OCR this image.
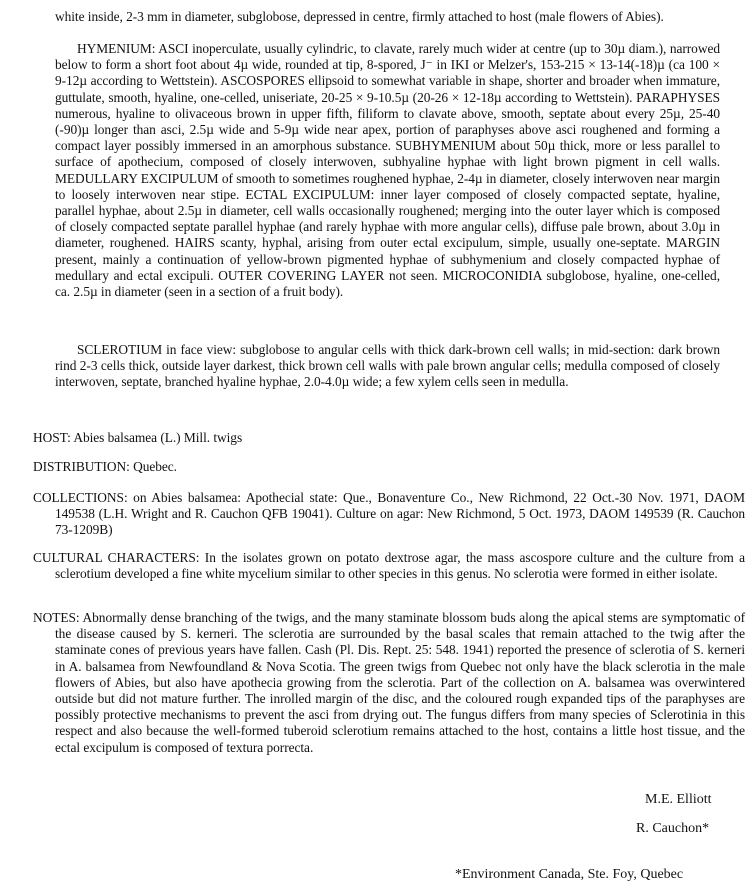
white inside, 2-3 mm in diameter, subglobose, depressed in centre, firmly attached to host (male flowers of Abies).

HYMENIUM: ASCI inoperculate, usually cylindric, to clavate, rarely much wider at centre (up to 30µ diam.), narrowed below to form a short foot about 4µ wide, rounded at tip, 8-spored, J⁻ in IKI or Melzer's, 153-215 × 13-14(-18)µ (ca 100 × 9-12µ according to Wettstein). ASCOSPORES ellipsoid to somewhat variable in shape, shorter and broader when immature, guttulate, smooth, hyaline, one-celled, uniseriate, 20-25 × 9-10.5µ (20-26 × 12-18µ according to Wettstein). PARAPHYSES numerous, hyaline to olivaceous brown in upper fifth, filiform to clavate above, smooth, septate about every 25µ, 25-40 (-90)µ longer than asci, 2.5µ wide and 5-9µ wide near apex, portion of paraphyses above asci roughened and forming a compact layer possibly immersed in an amorphous substance. SUBHYMENIUM about 50µ thick, more or less parallel to surface of apothecium, composed of closely interwoven, subhyaline hyphae with light brown pigment in cell walls. MEDULLARY EXCIPULUM of smooth to sometimes roughened hyphae, 2-4µ in diameter, closely interwoven near margin to loosely interwoven near stipe. ECTAL EXCIPULUM: inner layer composed of closely compacted septate, hyaline, parallel hyphae, about 2.5µ in diameter, cell walls occasionally roughened; merging into the outer layer which is composed of closely compacted septate parallel hyphae (and rarely hyphae with more angular cells), diffuse pale brown, about 3.0µ in diameter, roughened. HAIRS scanty, hyphal, arising from outer ectal excipulum, simple, usually one-septate. MARGIN present, mainly a continuation of yellow-brown pigmented hyphae of subhymenium and closely compacted hyphae of medullary and ectal excipuli. OUTER COVERING LAYER not seen. MICROCONIDIA subglobose, hyaline, one-celled, ca. 2.5µ in diameter (seen in a section of a fruit body).

SCLEROTIUM in face view: subglobose to angular cells with thick dark-brown cell walls; in mid-section: dark brown rind 2-3 cells thick, outside layer darkest, thick brown cell walls with pale brown angular cells; medulla composed of closely interwoven, septate, branched hyaline hyphae, 2.0-4.0µ wide; a few xylem cells seen in medulla.

HOST: Abies balsamea (L.) Mill. twigs

DISTRIBUTION: Quebec.

COLLECTIONS: on Abies balsamea: Apothecial state: Que., Bonaventure Co., New Richmond, 22 Oct.-30 Nov. 1971, DAOM 149538 (L.H. Wright and R. Cauchon QFB 19041). Culture on agar: New Richmond, 5 Oct. 1973, DAOM 149539 (R. Cauchon 73-1209B)

CULTURAL CHARACTERS: In the isolates grown on potato dextrose agar, the mass ascospore culture and the culture from a sclerotium developed a fine white mycelium similar to other species in this genus. No sclerotia were formed in either isolate.

NOTES: Abnormally dense branching of the twigs, and the many staminate blossom buds along the apical stems are symptomatic of the disease caused by S. kerneri. The sclerotia are surrounded by the basal scales that remain attached to the twig after the staminate cones of previous years have fallen. Cash (Pl. Dis. Rept. 25: 548. 1941) reported the presence of sclerotia of S. kerneri in A. balsamea from Newfoundland & Nova Scotia. The green twigs from Quebec not only have the black sclerotia in the male flowers of Abies, but also have apothecia growing from the sclerotia. Part of the collection on A. balsamea was overwintered outside but did not mature further. The inrolled margin of the disc, and the coloured rough expanded tips of the paraphyses are possibly protective mechanisms to prevent the asci from drying out. The fungus differs from many species of Sclerotinia in this respect and also because the well-formed tuberoid sclerotium remains attached to the host, contains a little host tissue, and the ectal excipulum is composed of textura porrecta.

M.E. Elliott
R. Cauchon*
*Environment Canada, Ste. Foy, Quebec
